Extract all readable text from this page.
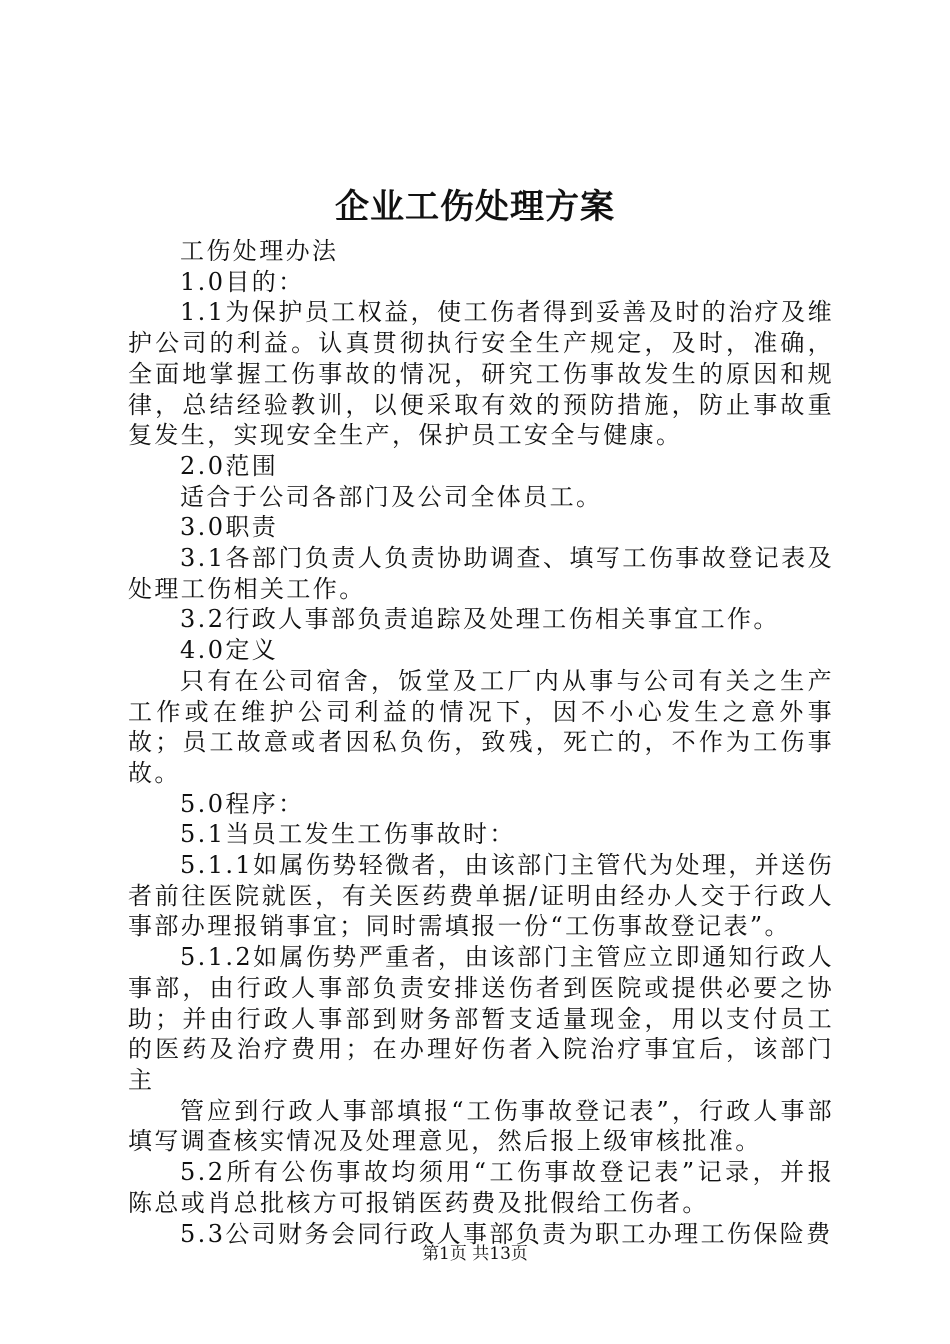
企业工伤处理方案

工伤处理办法

1.0目的：

1.1为保护员工权益，使工伤者得到妥善及时的治疗及维护公司的利益。认真贯彻执行安全生产规定，及时，准确，全面地掌握工伤事故的情况，研究工伤事故发生的原因和规律，总结经验教训，以便采取有效的预防措施，防止事故重复发生，实现安全生产，保护员工安全与健康。

2.0范围

适合于公司各部门及公司全体员工。

3.0职责

3.1各部门负责人负责协助调查、填写工伤事故登记表及处理工伤相关工作。

3.2行政人事部负责追踪及处理工伤相关事宜工作。

4.0定义

只有在公司宿舍，饭堂及工厂内从事与公司有关之生产工作或在维护公司利益的情况下，因不小心发生之意外事故；员工故意或者因私负伤，致残，死亡的，不作为工伤事故。

5.0程序：

5.1当员工发生工伤事故时：

5.1.1如属伤势轻微者，由该部门主管代为处理，并送伤者前往医院就医，有关医药费单据/证明由经办人交于行政人事部办理报销事宜；同时需填报一份“工伤事故登记表”。

5.1.2如属伤势严重者，由该部门主管应立即通知行政人事部，由行政人事部负责安排送伤者到医院或提供必要之协助；并由行政人事部到财务部暂支适量现金，用以支付员工的医药及治疗费用；在办理好伤者入院治疗事宜后，该部门主

管应到行政人事部填报“工伤事故登记表”，行政人事部填写调查核实情况及处理意见，然后报上级审核批准。

5.2所有公伤事故均须用“工伤事故登记表”记录，并报陈总或肖总批核方可报销医药费及批假给工伤者。

5.3公司财务会同行政人事部负责为职工办理工伤保险费

第1页 共13页
